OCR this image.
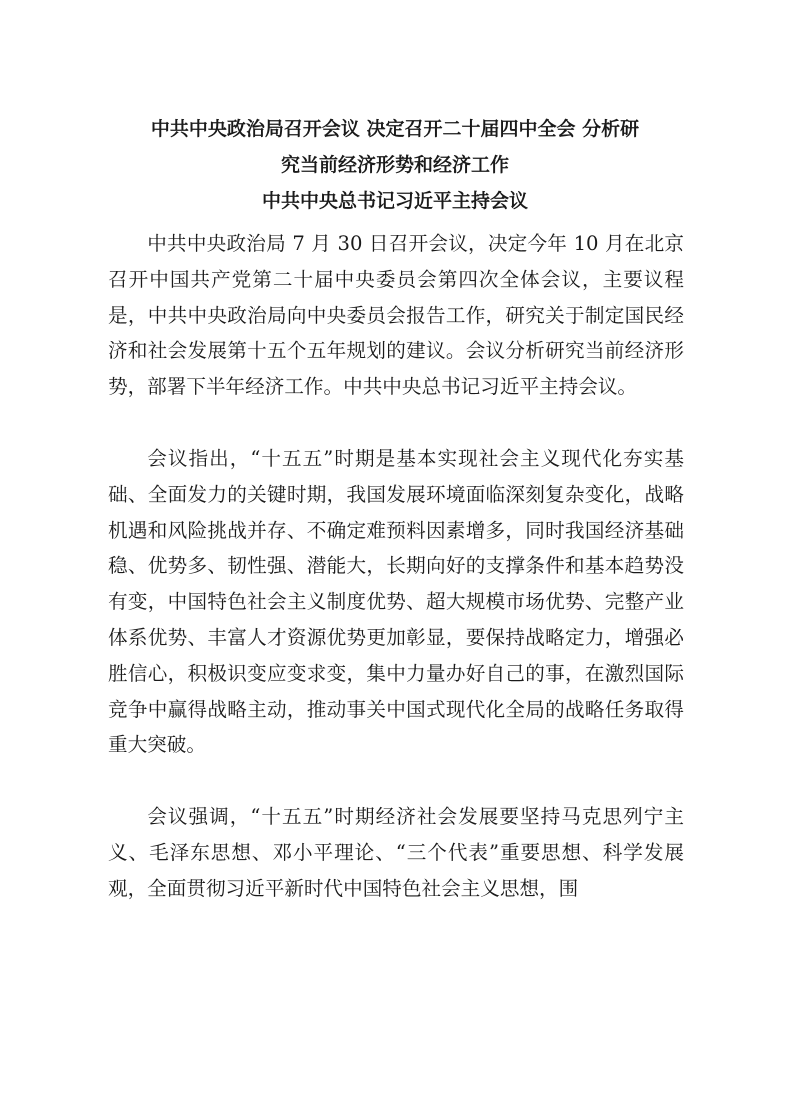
中共中央政治局召开会议 决定召开二十届四中全会 分析研
究当前经济形势和经济工作
中共中央总书记习近平主持会议

中共中央政治局 7 月 30 日召开会议，决定今年 10 月在北京召开中国共产党第二十届中央委员会第四次全体会议，主要议程是，中共中央政治局向中央委员会报告工作，研究关于制定国民经济和社会发展第十五个五年规划的建议。会议分析研究当前经济形势，部署下半年经济工作。中共中央总书记习近平主持会议。

会议指出，“十五五”时期是基本实现社会主义现代化夯实基础、全面发力的关键时期，我国发展环境面临深刻复杂变化，战略机遇和风险挑战并存、不确定难预料因素增多，同时我国经济基础稳、优势多、韧性强、潜能大，长期向好的支撑条件和基本趋势没有变，中国特色社会主义制度优势、超大规模市场优势、完整产业体系优势、丰富人才资源优势更加彰显，要保持战略定力，增强必胜信心，积极识变应变求变，集中力量办好自己的事，在激烈国际竞争中赢得战略主动，推动事关中国式现代化全局的战略任务取得重大突破。

会议强调，“十五五”时期经济社会发展要坚持马克思列宁主义、毛泽东思想、邓小平理论、“三个代表”重要思想、科学发展观，全面贯彻习近平新时代中国特色社会主义思想，围
